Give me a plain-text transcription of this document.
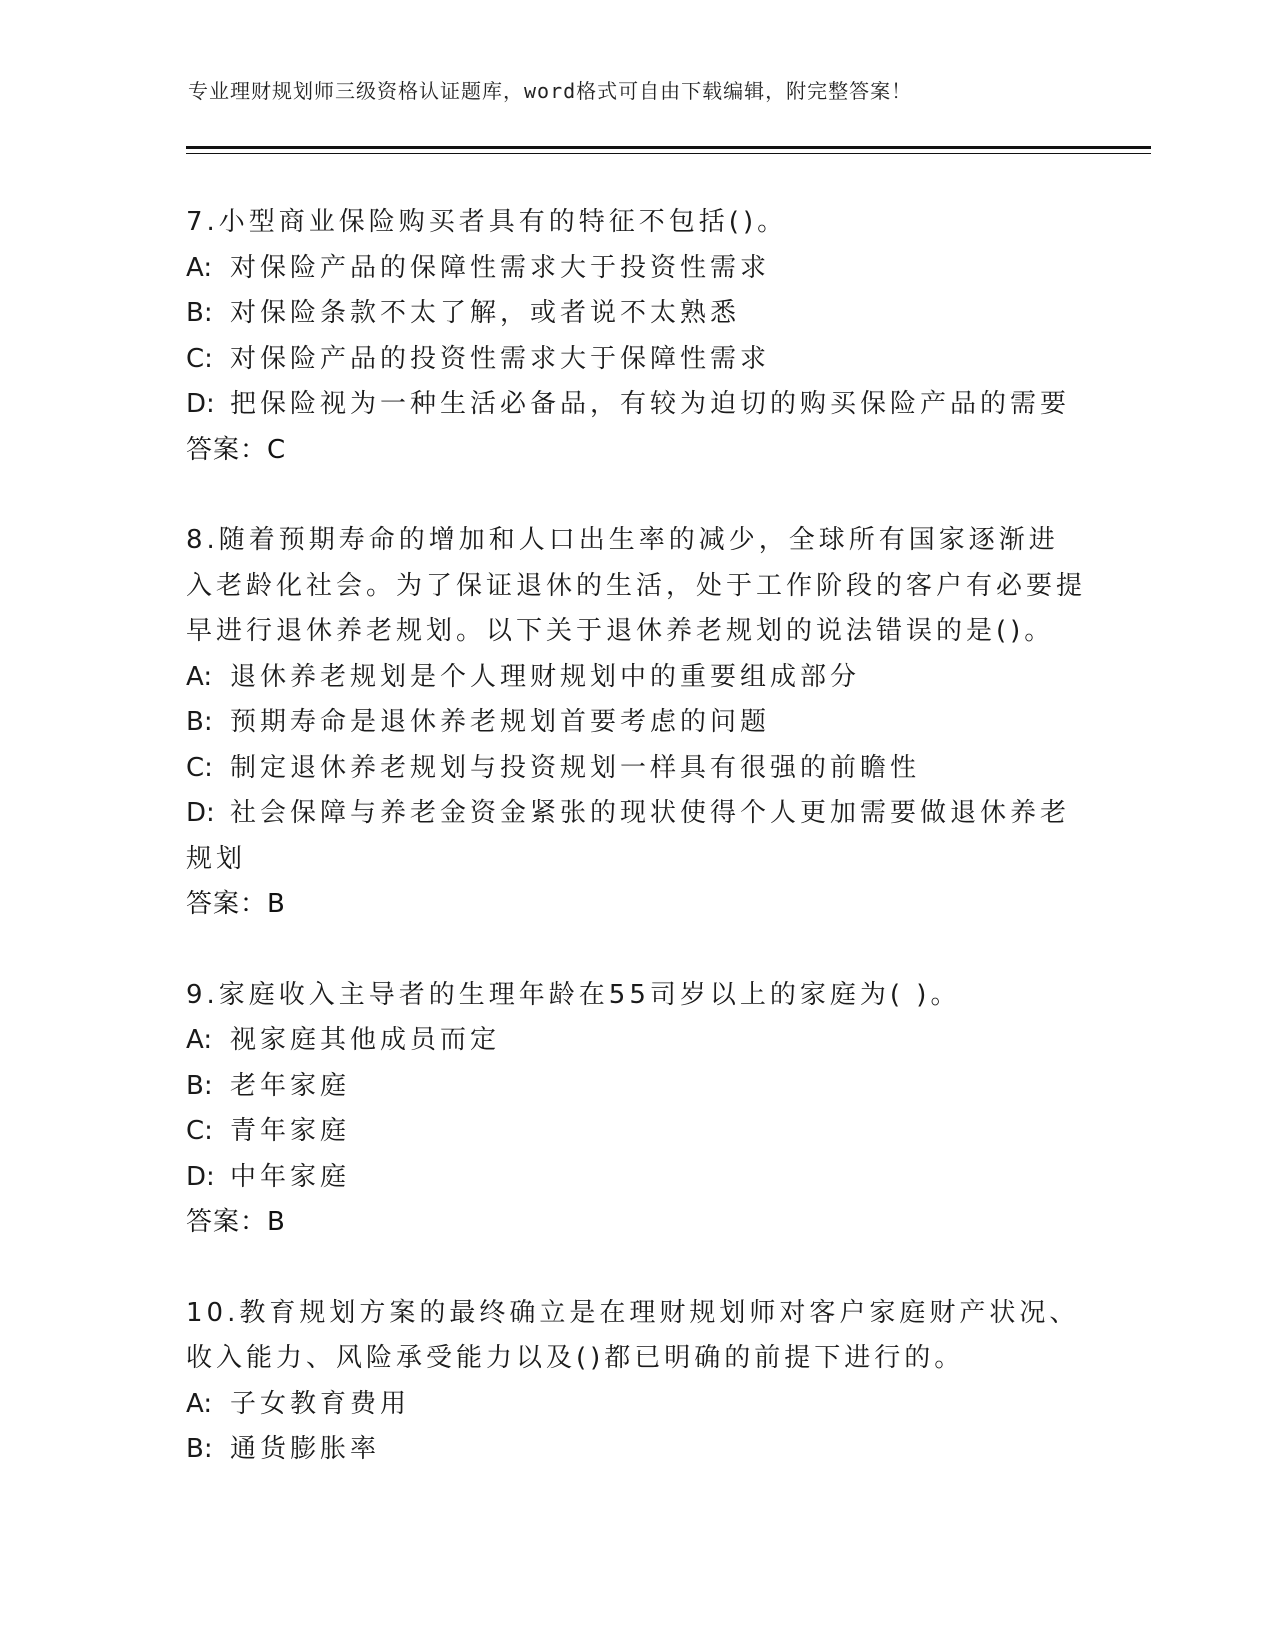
专业理财规划师三级资格认证题库，word格式可自由下载编辑，附完整答案！

7.小型商业保险购买者具有的特征不包括()。

A: 对保险产品的保障性需求大于投资性需求

B: 对保险条款不太了解，或者说不太熟悉

C: 对保险产品的投资性需求大于保障性需求

D: 把保险视为一种生活必备品，有较为迫切的购买保险产品的需要

答案：C

8.随着预期寿命的增加和人口出生率的减少，全球所有国家逐渐进入老龄化社会。为了保证退休的生活，处于工作阶段的客户有必要提早进行退休养老规划。以下关于退休养老规划的说法错误的是()。

A: 退休养老规划是个人理财规划中的重要组成部分

B: 预期寿命是退休养老规划首要考虑的问题

C: 制定退休养老规划与投资规划一样具有很强的前瞻性

D: 社会保障与养老金资金紧张的现状使得个人更加需要做退休养老规划

答案：B

9.家庭收入主导者的生理年龄在55司岁以上的家庭为( )。

A: 视家庭其他成员而定

B: 老年家庭

C: 青年家庭

D: 中年家庭

答案：B

10.教育规划方案的最终确立是在理财规划师对客户家庭财产状况、收入能力、风险承受能力以及()都已明确的前提下进行的。

A: 子女教育费用

B: 通货膨胀率
